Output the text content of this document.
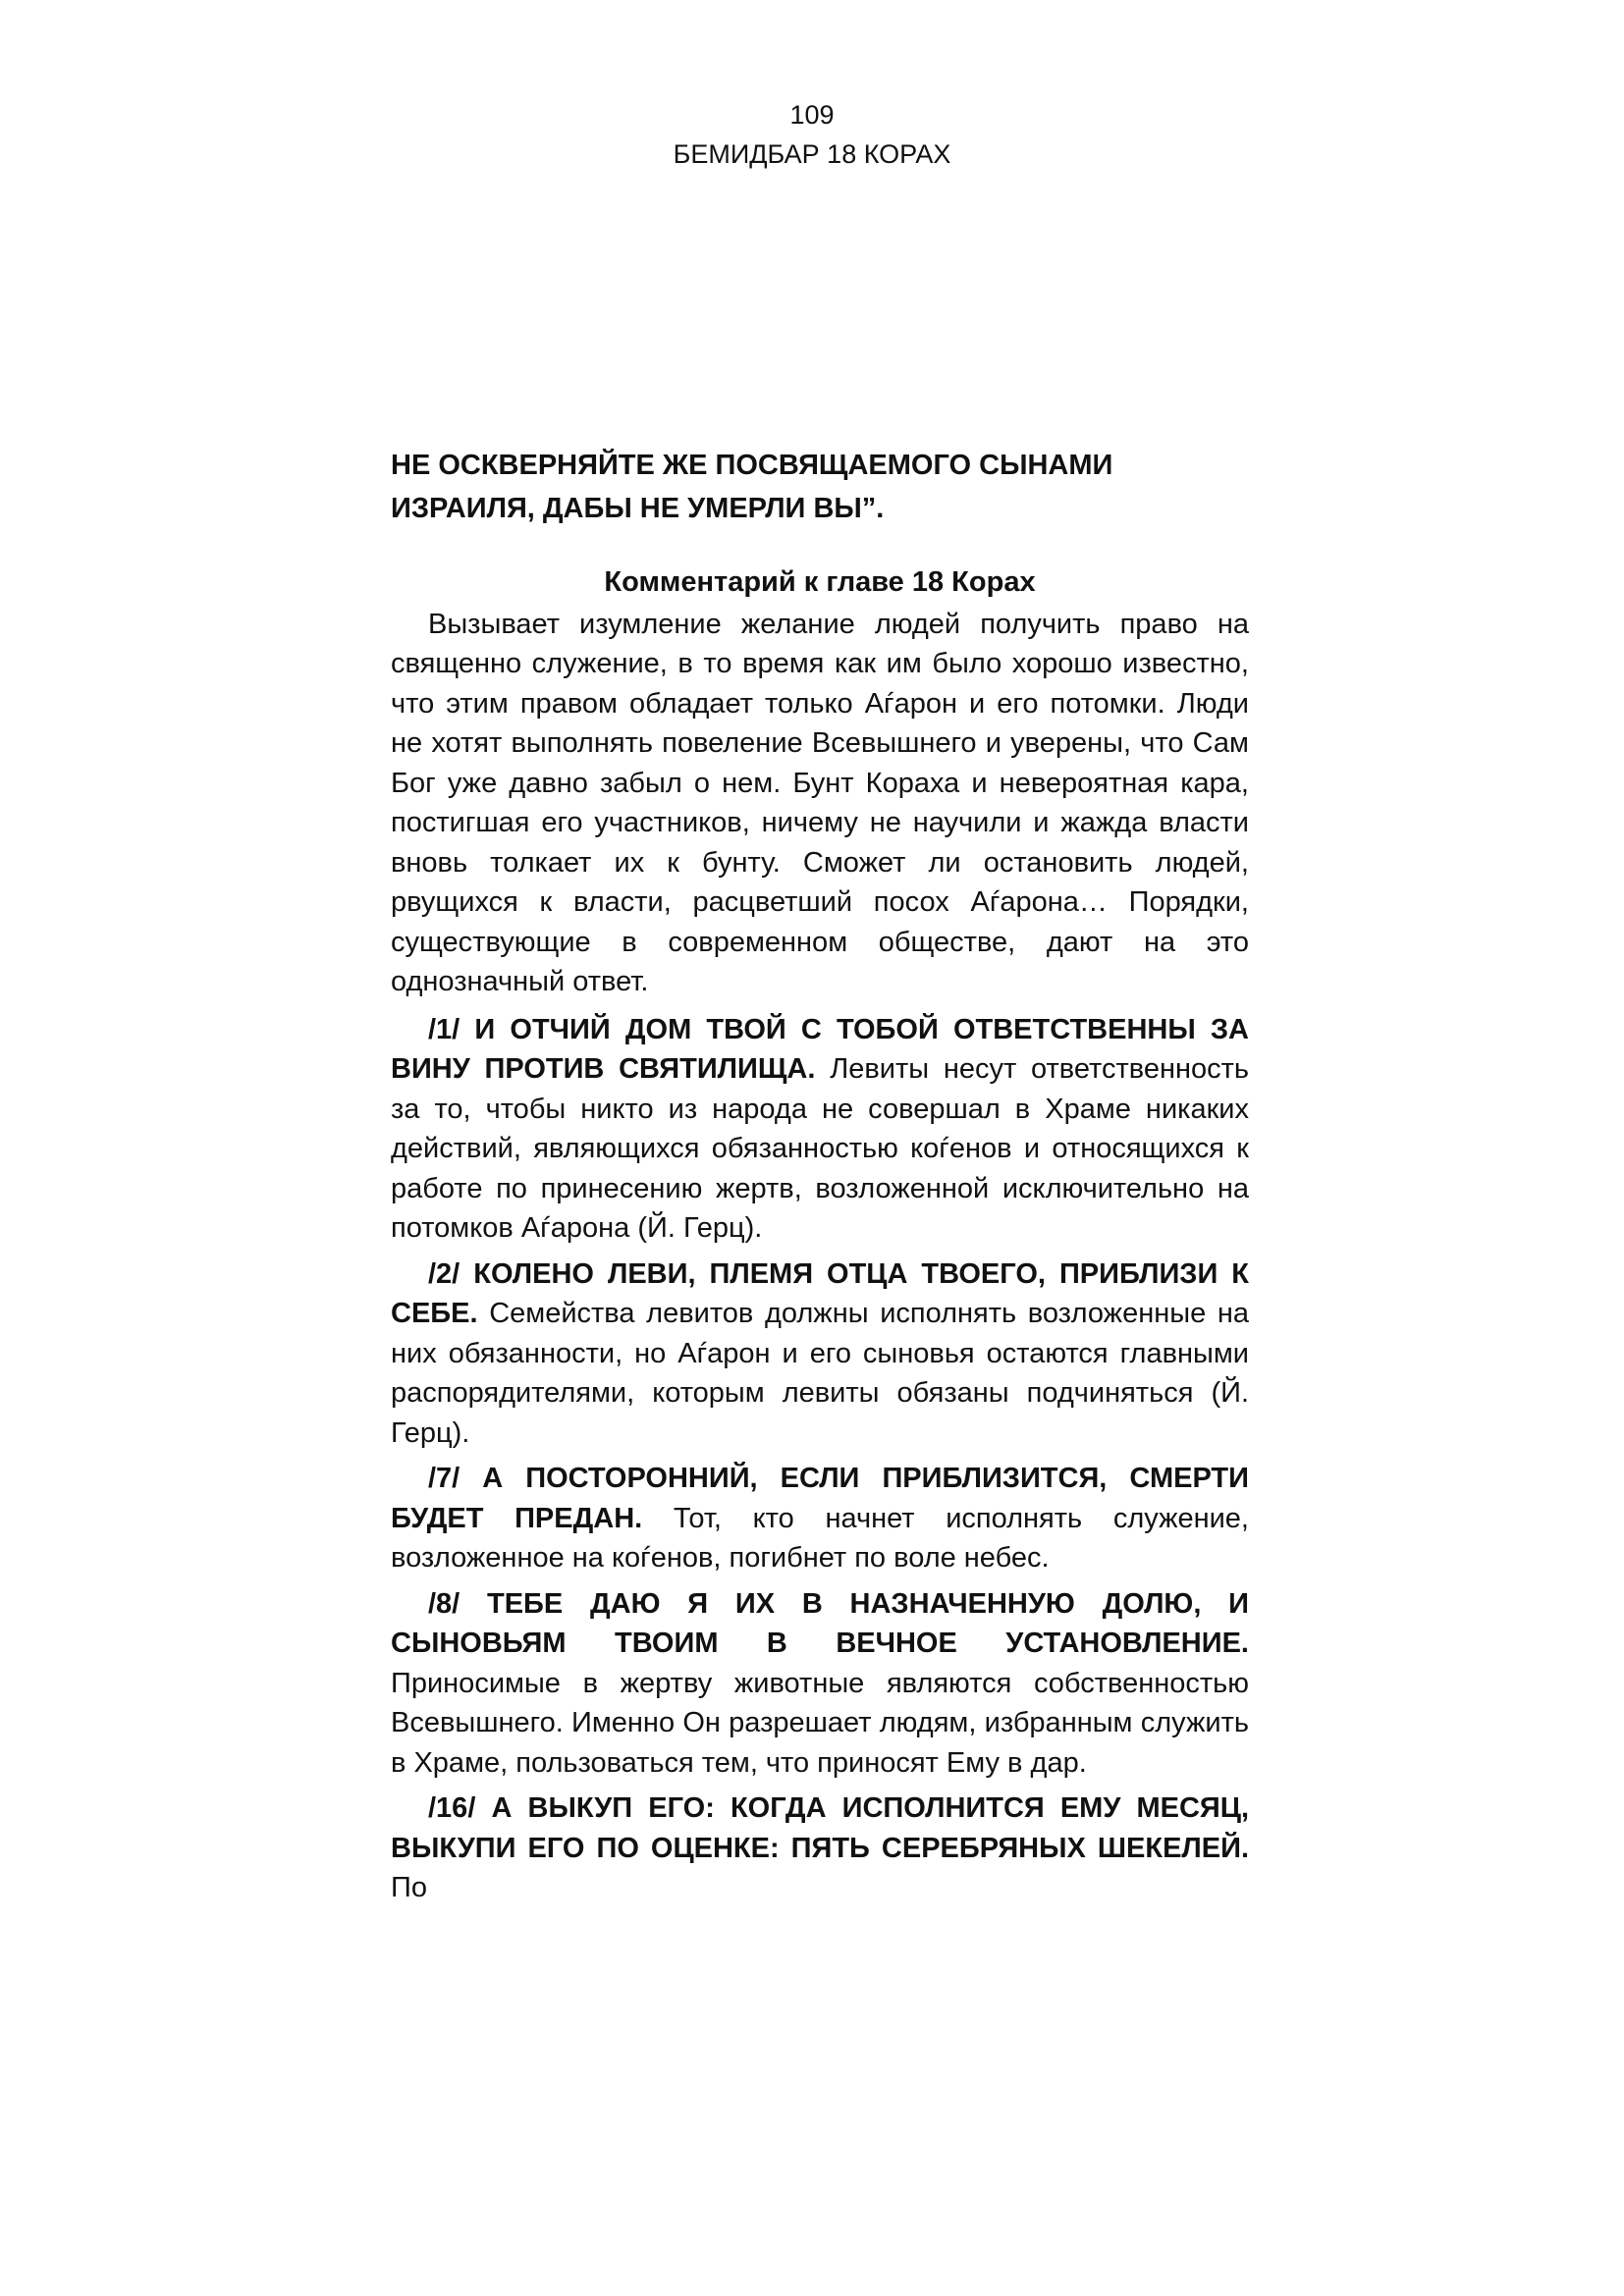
109
БЕМИДБАР 18 КОРАХ
НЕ ОСКВЕРНЯЙТЕ ЖЕ ПОСВЯЩАЕМОГО СЫНАМИ ИЗРАИЛЯ, ДАБЫ НЕ УМЕРЛИ ВЫ”.
Комментарий к главе 18 Корах
Вызывает изумление желание людей получить право на священно служение, в то время как им было хорошо известно, что этим правом обладает только Аѓарон и его потомки. Люди не хотят выполнять повеление Всевышнего и уверены, что Сам Бог уже давно забыл о нем. Бунт Кораха и невероятная кара, постигшая его участников, ничему не научили и жажда власти вновь толкает их к бунту. Сможет ли остановить людей, рвущихся к власти, расцветший посох Аѓарона… Порядки, существующие в современном обществе, дают на это однозначный ответ.
/1/ И ОТЧИЙ ДОМ ТВОЙ С ТОБОЙ ОТВЕТСТВЕННЫ ЗА ВИНУ ПРОТИВ СВЯТИЛИЩА. Левиты несут ответственность за то, чтобы никто из народа не совершал в Храме никаких действий, являющихся обязанностью коѓенов и относящихся к работе по принесению жертв, возложенной исключительно на потомков Аѓарона (Й. Герц).
/2/ КОЛЕНО ЛЕВИ, ПЛЕМЯ ОТЦА ТВОЕГО, ПРИБЛИЗИ К СЕБЕ. Семейства левитов должны исполнять возложенные на них обязанности, но Аѓарон и его сыновья остаются главными распорядителями, которым левиты обязаны подчиняться (Й. Герц).
/7/ А ПОСТОРОННИЙ, ЕСЛИ ПРИБЛИЗИТСЯ, СМЕРТИ БУДЕТ ПРЕДАН. Тот, кто начнет исполнять служение, возложенное на коѓенов, погибнет по воле небес.
/8/ ТЕБЕ ДАЮ Я ИХ В НАЗНАЧЕННУЮ ДОЛЮ, И СЫНОВЬЯМ ТВОИМ В ВЕЧНОЕ УСТАНОВЛЕНИЕ. Приносимые в жертву животные являются собственностью Всевышнего. Именно Он разрешает людям, избранным служить в Храме, пользоваться тем, что приносят Ему в дар.
/16/ А ВЫКУП ЕГО: КОГДА ИСПОЛНИТСЯ ЕМУ МЕСЯЦ, ВЫКУПИ ЕГО ПО ОЦЕНКЕ: ПЯТЬ СЕРЕБРЯНЫХ ШЕКЕЛЕЙ. По
